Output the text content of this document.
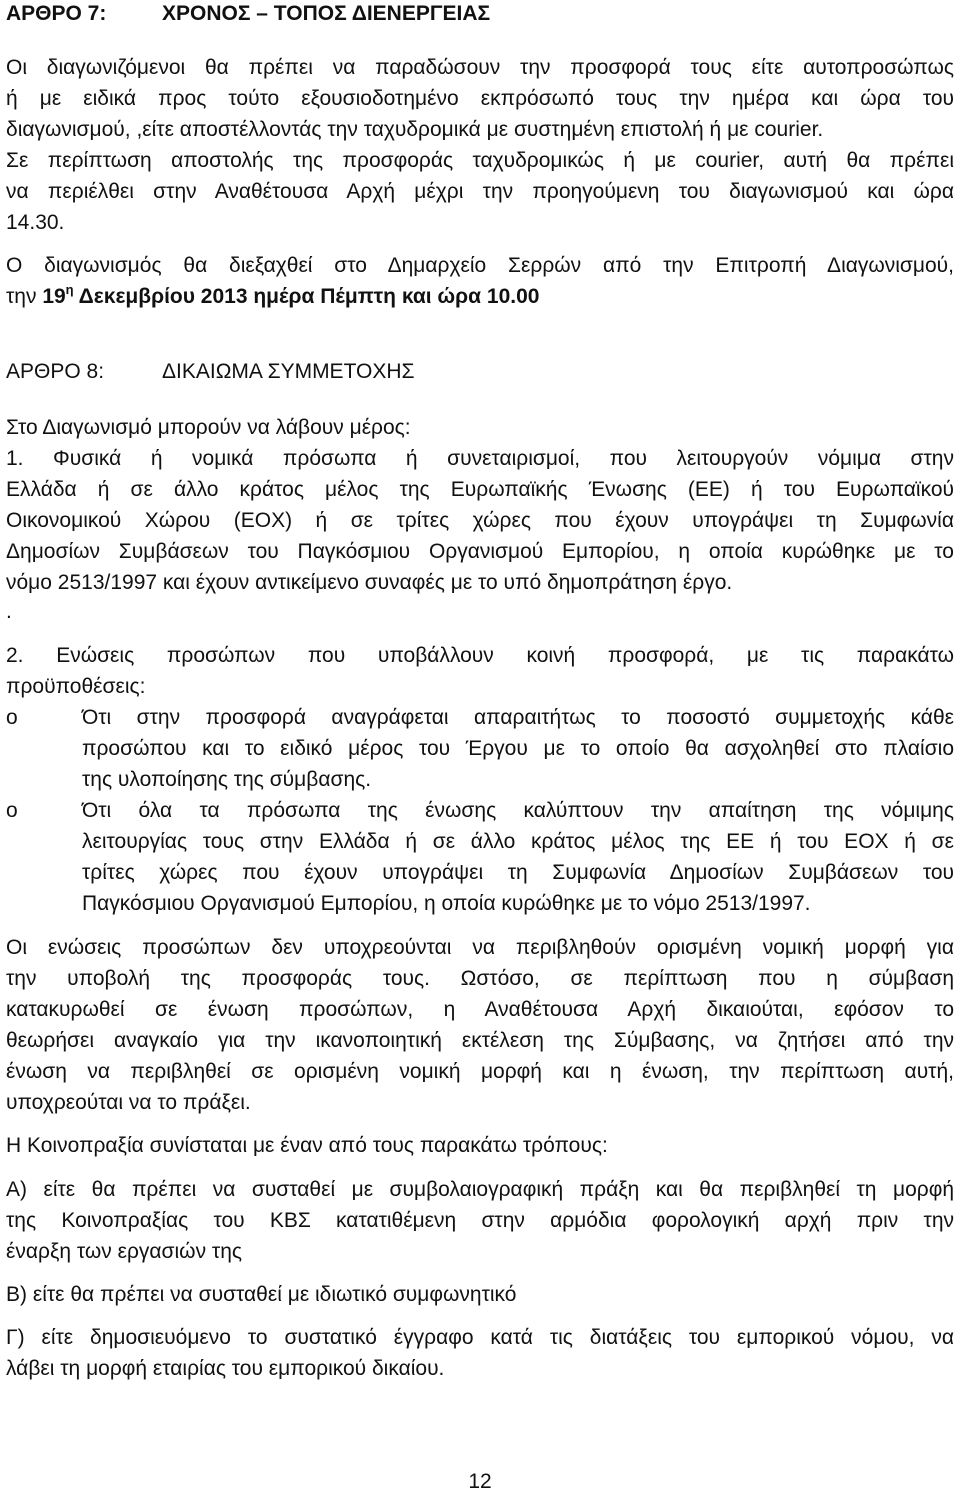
ΑΡΘΡΟ 7:	ΧΡΟΝΟΣ – ΤΟΠΟΣ ΔΙΕΝΕΡΓΕΙΑΣ
Οι διαγωνιζόμενοι θα πρέπει να παραδώσουν την προσφορά τους είτε αυτοπροσώπως
ή με ειδικά προς τούτο εξουσιοδοτημένο εκπρόσωπό τους την ημέρα και ώρα του
διαγωνισμού, ,είτε αποστέλλοντάς την ταχυδρομικά με συστημένη επιστολή ή με courier.
Σε περίπτωση αποστολής της προσφοράς ταχυδρομικώς ή με courier, αυτή θα πρέπει
να περιέλθει στην Αναθέτουσα Αρχή μέχρι την προηγούμενη του διαγωνισμού και ώρα
14.30.
Ο διαγωνισμός θα διεξαχθεί στο Δημαρχείο Σερρών από την Επιτροπή Διαγωνισμού,
την $19^\eta$ Δεκεμβρίου 2013 ημέρα Πέμπτη και ώρα 10.00
ΑΡΘΡΟ 8:	ΔΙΚΑΙΩΜΑ ΣΥΜΜΕΤΟΧΗΣ
Στο Διαγωνισμό μπορούν να λάβουν μέρος:
1. Φυσικά ή νομικά πρόσωπα ή συνεταιρισμοί, που λειτουργούν νόμιμα στην
Ελλάδα ή σε άλλο κράτος μέλος της Ευρωπαϊκής Ένωσης (ΕΕ) ή του Ευρωπαϊκού
Οικονομικού Χώρου (ΕΟΧ) ή σε τρίτες χώρες που έχουν υπογράψει τη Συμφωνία
Δημοσίων Συμβάσεων του Παγκόσμιου Οργανισμού Εμπορίου, η οποία κυρώθηκε με το
νόμο 2513/1997 και έχουν αντικείμενο συναφές με το υπό δημοπράτηση έργο.
.
2. Ενώσεις προσώπων που υποβάλλουν κοινή προσφορά, με τις παρακάτω
προϋποθέσεις:
o	Ότι στην προσφορά αναγράφεται απαραιτήτως το ποσοστό συμμετοχής κάθε
προσώπου και το ειδικό μέρος του Έργου με το οποίο θα ασχοληθεί στο πλαίσιο
της υλοποίησης της σύμβασης.
o	Ότι όλα τα πρόσωπα της ένωσης καλύπτουν την απαίτηση της νόμιμης
λειτουργίας τους στην Ελλάδα ή σε άλλο κράτος μέλος της ΕΕ ή του ΕΟΧ ή σε
τρίτες χώρες που έχουν υπογράψει τη Συμφωνία Δημοσίων Συμβάσεων του
Παγκόσμιου Οργανισμού Εμπορίου, η οποία κυρώθηκε με το νόμο 2513/1997.
Οι ενώσεις προσώπων δεν υποχρεούνται να περιβληθούν ορισμένη νομική μορφή για
την υποβολή της προσφοράς τους. Ωστόσο, σε περίπτωση που η σύμβαση
κατακυρωθεί σε ένωση προσώπων, η Αναθέτουσα Αρχή δικαιούται, εφόσον το
θεωρήσει αναγκαίο για την ικανοποιητική εκτέλεση της Σύμβασης, να ζητήσει από την
ένωση να περιβληθεί σε ορισμένη νομική μορφή και η ένωση, την περίπτωση αυτή,
υποχρεούται να το πράξει.
Η Κοινοπραξία συνίσταται με έναν από τους παρακάτω τρόπους:
Α) είτε θα πρέπει να συσταθεί με συμβολαιογραφική πράξη και θα περιβληθεί τη μορφή
της Κοινοπραξίας του ΚΒΣ κατατιθέμενη στην αρμόδια φορολογική αρχή πριν την
έναρξη των εργασιών της
Β) είτε θα πρέπει να συσταθεί με ιδιωτικό συμφωνητικό
Γ) είτε δημοσιευόμενο το συστατικό έγγραφο κατά τις διατάξεις του εμπορικού νόμου, να
λάβει τη μορφή εταιρίας του εμπορικού δικαίου.
12
